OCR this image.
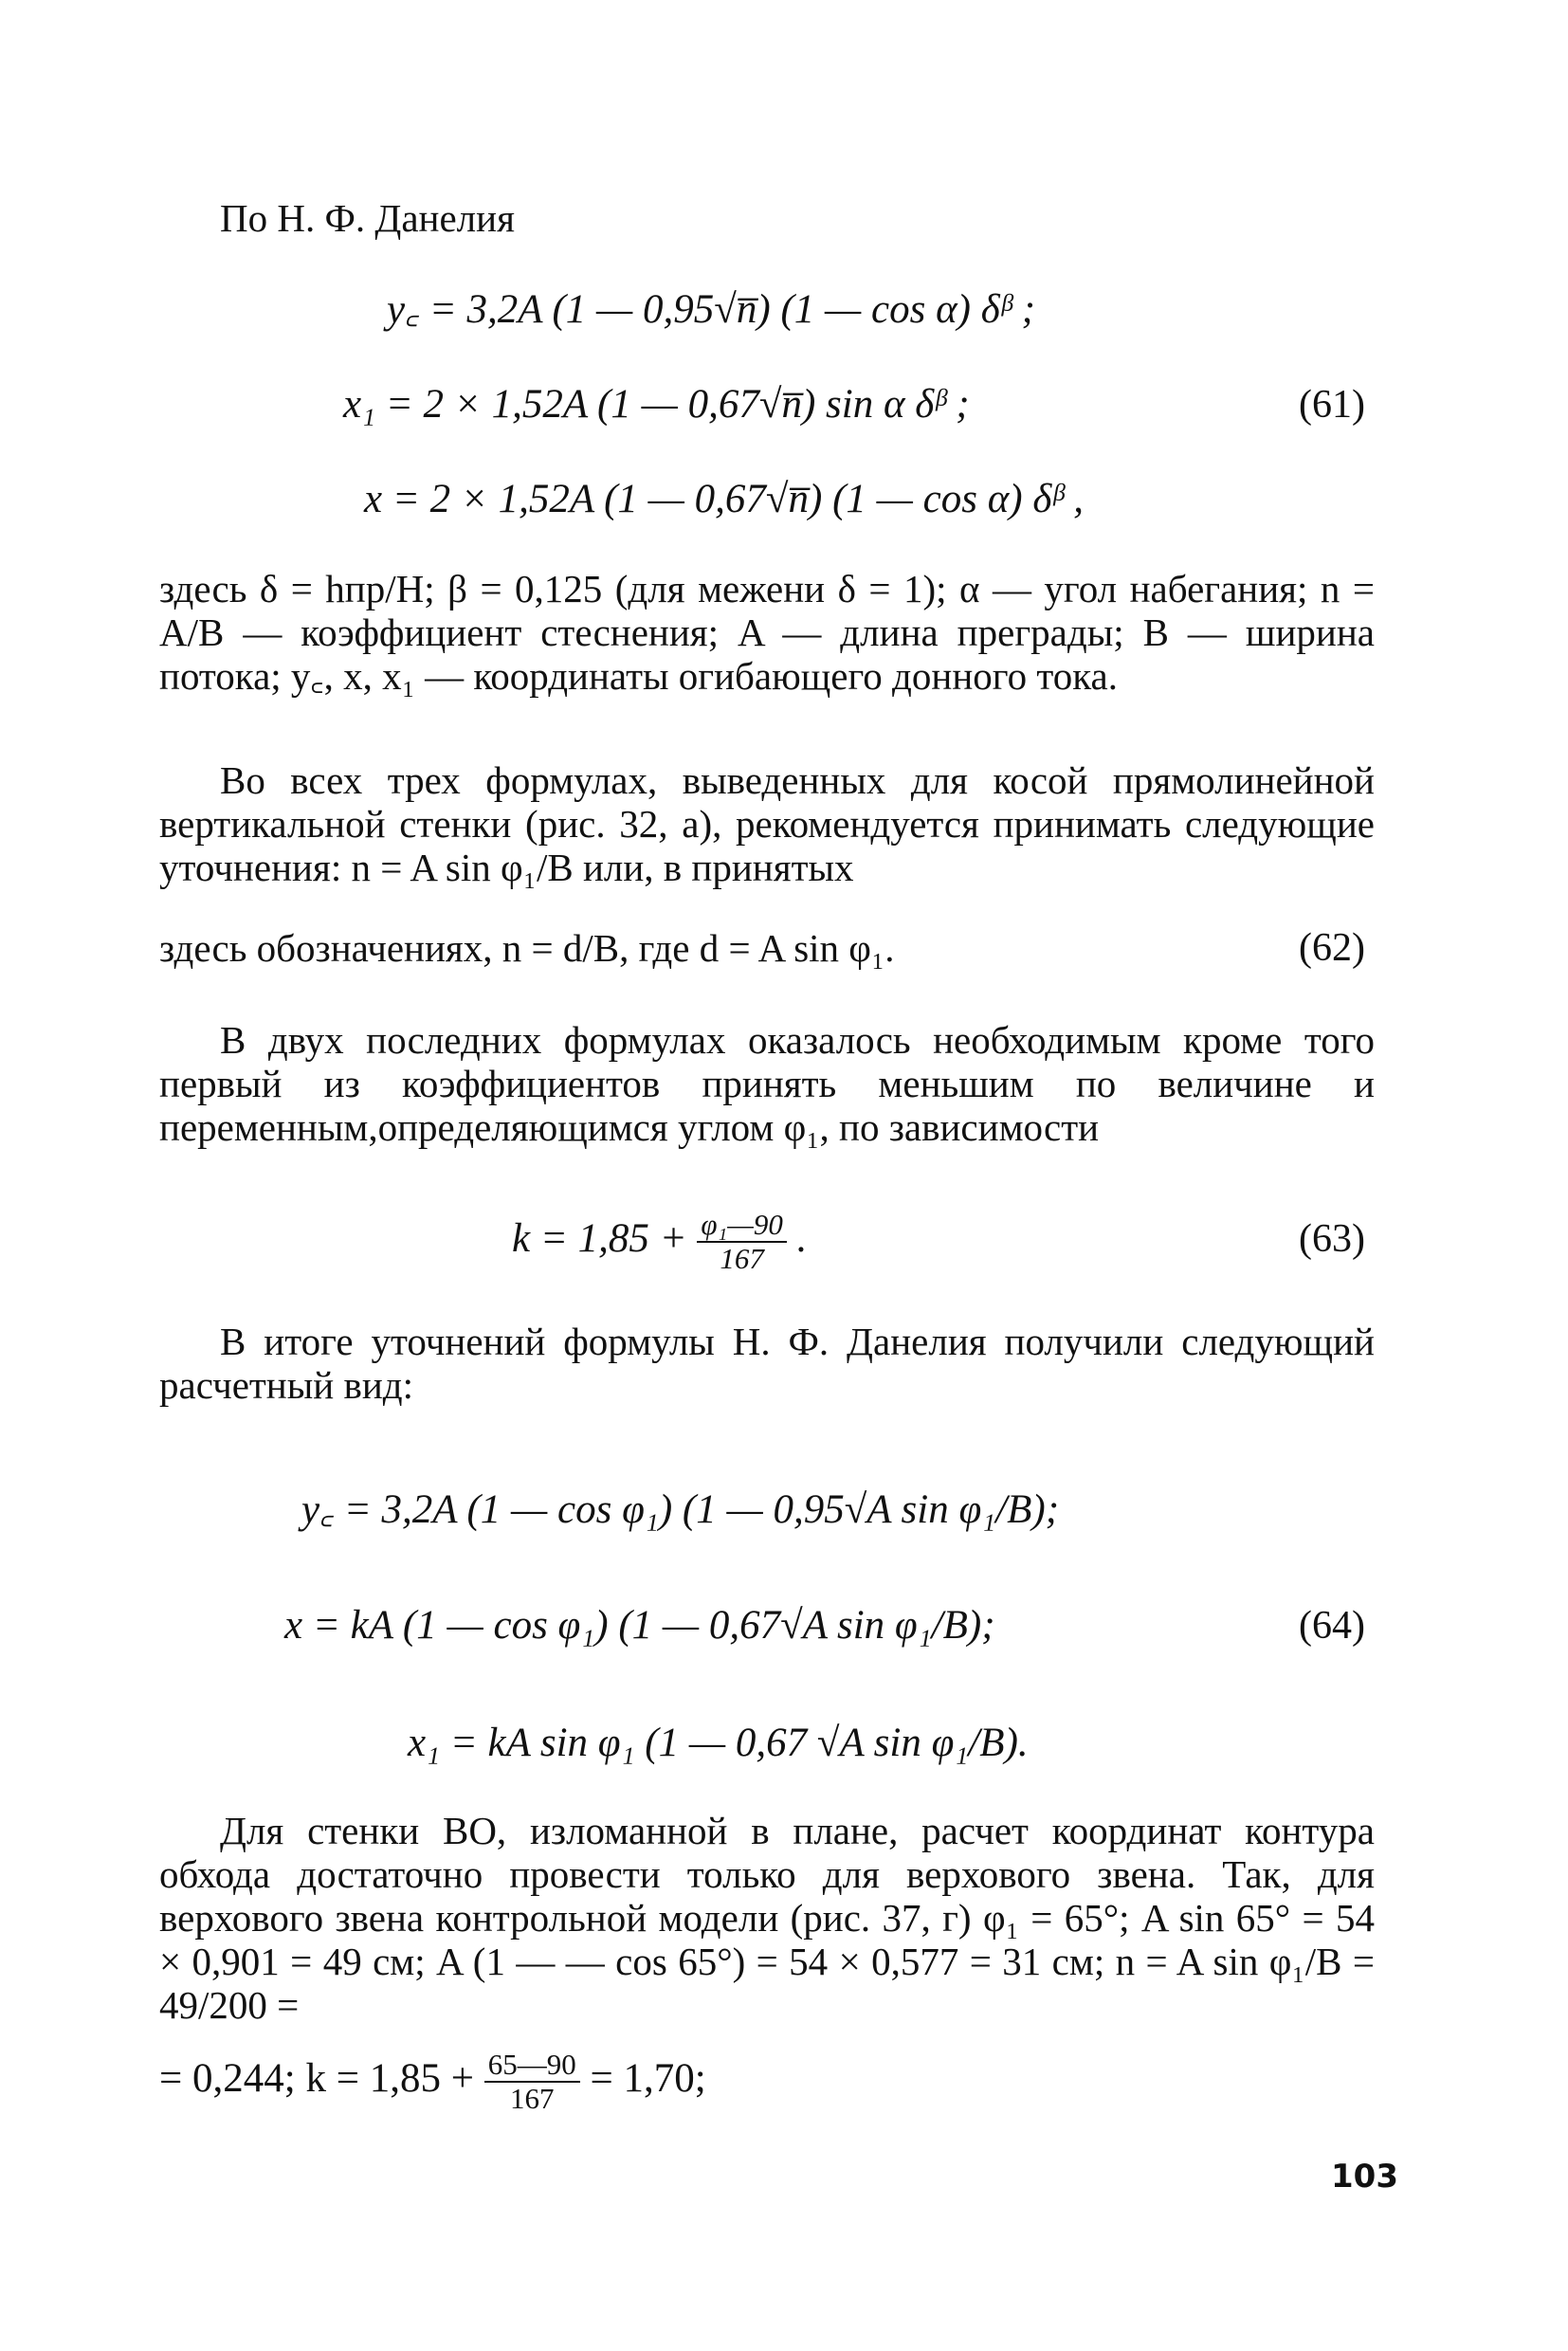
По Н. Ф. Данелия
y꜀ = 3,2A (1 — 0,95√n̅) (1 — cos α) δᵝ ;
x₁ = 2 × 1,52A (1 — 0,67√n̅) sin α δᵝ ;	(61)
x = 2 × 1,52A (1 — 0,67√n̅) (1 — cos α) δᵝ ,
здесь δ = hпр/H; β = 0,125 (для межени δ = 1); α — угол набегания; n = A/B — коэффициент стеснения; A — длина преграды; B — ширина потока; y꜀, x, x₁ — координаты огибающего донного тока.
Во всех трех формулах, выведенных для косой прямолинейной вертикальной стенки (рис. 32, а), рекомендуется принимать следующие уточнения: n = A sin φ₁/B или, в принятых
здесь обозначениях, n = d/B, где d = A sin φ₁.	(62)
В двух последних формулах оказалось необходимым кроме того первый из коэффициентов принять меньшим по величине и переменным,определяющимся углом φ₁, по зависимости
$k = 1,85 + \frac{\text{φ₁—90}}{167}$ .	(63)
В итоге уточнений формулы Н. Ф. Данелия получили следующий расчетный вид:
y꜀ = 3,2A (1 — cos φ₁) (1 — 0,95√A sin φ₁/B);
x = kA (1 — cos φ₁) (1 — 0,67√A sin φ₁/B);	(64)
x₁ = kA sin φ₁ (1 — 0,67 √A sin φ₁/B).
Для стенки ВО, изломанной в плане, расчет координат контура обхода достаточно провести только для верхового звена. Так, для верхового звена контрольной модели (рис. 37, г) φ₁ = 65°; A sin 65° = 54 × 0,901 = 49 см; A (1 — — cos 65°) = 54 × 0,577 = 31 см; n = A sin φ₁/B = 49/200 =
= 0,244; $k = 1,85 + \frac{65—90}{167} = 1,70$;
103
